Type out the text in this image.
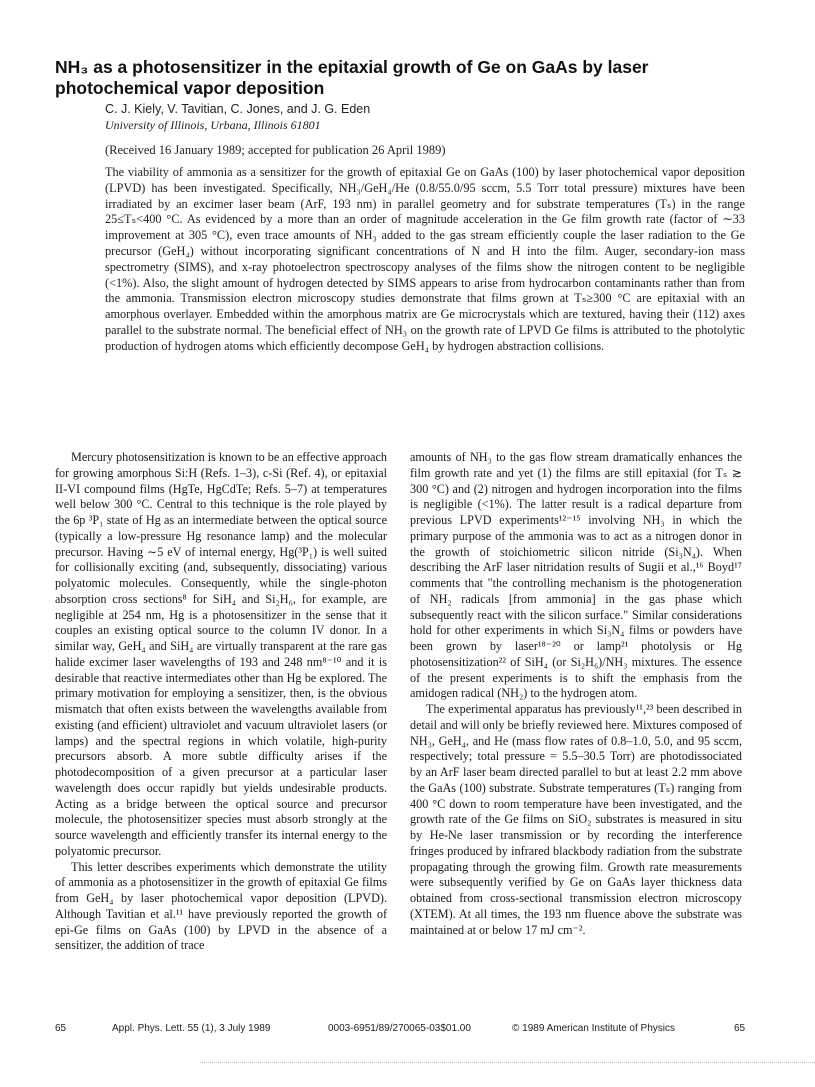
NH₃ as a photosensitizer in the epitaxial growth of Ge on GaAs by laser photochemical vapor deposition
C. J. Kiely, V. Tavitian, C. Jones, and J. G. Eden
University of Illinois, Urbana, Illinois 61801
(Received 16 January 1989; accepted for publication 26 April 1989)
The viability of ammonia as a sensitizer for the growth of epitaxial Ge on GaAs (100) by laser photochemical vapor deposition (LPVD) has been investigated. Specifically, NH₃/GeH₄/He (0.8/55.0/95 sccm, 5.5 Torr total pressure) mixtures have been irradiated by an excimer laser beam (ArF, 193 nm) in parallel geometry and for substrate temperatures (Tₛ) in the range 25≤Tₛ<400 °C. As evidenced by a more than an order of magnitude acceleration in the Ge film growth rate (factor of ∼33 improvement at 305 °C), even trace amounts of NH₃ added to the gas stream efficiently couple the laser radiation to the Ge precursor (GeH₄) without incorporating significant concentrations of N and H into the film. Auger, secondary-ion mass spectrometry (SIMS), and x-ray photoelectron spectroscopy analyses of the films show the nitrogen content to be negligible (<1%). Also, the slight amount of hydrogen detected by SIMS appears to arise from hydrocarbon contaminants rather than from the ammonia. Transmission electron microscopy studies demonstrate that films grown at Tₛ≥300 °C are epitaxial with an amorphous overlayer. Embedded within the amorphous matrix are Ge microcrystals which are textured, having their (112) axes parallel to the substrate normal. The beneficial effect of NH₃ on the growth rate of LPVD Ge films is attributed to the photolytic production of hydrogen atoms which efficiently decompose GeH₄ by hydrogen abstraction collisions.

Mercury photosensitization is known to be an effective approach for growing amorphous Si:H (Refs. 1–3), c-Si (Ref. 4), or epitaxial II-VI compound films (HgTe, HgCdTe; Refs. 5–7) at temperatures well below 300 °C. Central to this technique is the role played by the 6p ³P₁ state of Hg as an intermediate between the optical source (typically a low-pressure Hg resonance lamp) and the molecular precursor. Having ∼5 eV of internal energy, Hg(³P₁) is well suited for collisionally exciting (and, subsequently, dissociating) various polyatomic molecules. Consequently, while the single-photon absorption cross sections⁸ for SiH₄ and Si₂H₆, for example, are negligible at 254 nm, Hg is a photosensitizer in the sense that it couples an existing optical source to the column IV donor. In a similar way, GeH₄ and SiH₄ are virtually transparent at the rare gas halide excimer laser wavelengths of 193 and 248 nm⁸⁻¹⁰ and it is desirable that reactive intermediates other than Hg be explored. The primary motivation for employing a sensitizer, then, is the obvious mismatch that often exists between the wavelengths available from existing (and efficient) ultraviolet and vacuum ultraviolet lasers (or lamps) and the spectral regions in which volatile, high-purity precursors absorb. A more subtle difficulty arises if the photodecomposition of a given precursor at a particular laser wavelength does occur rapidly but yields undesirable products. Acting as a bridge between the optical source and precursor molecule, the photosensitizer species must absorb strongly at the source wavelength and efficiently transfer its internal energy to the polyatomic precursor.

This letter describes experiments which demonstrate the utility of ammonia as a photosensitizer in the growth of epitaxial Ge films from GeH₄ by laser photochemical vapor deposition (LPVD). Although Tavitian et al.¹¹ have previously reported the growth of epi-Ge films on GaAs (100) by LPVD in the absence of a sensitizer, the addition of trace

amounts of NH₃ to the gas flow stream dramatically enhances the film growth rate and yet (1) the films are still epitaxial (for Tₛ ≳ 300 °C) and (2) nitrogen and hydrogen incorporation into the films is negligible (<1%). The latter result is a radical departure from previous LPVD experiments¹²⁻¹⁵ involving NH₃ in which the primary purpose of the ammonia was to act as a nitrogen donor in the growth of stoichiometric silicon nitride (Si₃N₄). When describing the ArF laser nitridation results of Sugii et al.,¹⁶ Boyd¹⁷ comments that "the controlling mechanism is the photogeneration of NH₂ radicals [from ammonia] in the gas phase which subsequently react with the silicon surface." Similar considerations hold for other experiments in which Si₃N₄ films or powders have been grown by laser¹⁸⁻²⁰ or lamp²¹ photolysis or Hg photosensitization²² of SiH₄ (or Si₂H₆)/NH₃ mixtures. The essence of the present experiments is to shift the emphasis from the amidogen radical (NH₂) to the hydrogen atom.

The experimental apparatus has previously¹¹,²³ been described in detail and will only be briefly reviewed here. Mixtures composed of NH₃, GeH₄, and He (mass flow rates of 0.8–1.0, 5.0, and 95 sccm, respectively; total pressure = 5.5–30.5 Torr) are photodissociated by an ArF laser beam directed parallel to but at least 2.2 mm above the GaAs (100) substrate. Substrate temperatures (Tₛ) ranging from 400 °C down to room temperature have been investigated, and the growth rate of the Ge films on SiO₂ substrates is measured in situ by He-Ne laser transmission or by recording the interference fringes produced by infrared blackbody radiation from the substrate propagating through the growing film. Growth rate measurements were subsequently verified by Ge on GaAs layer thickness data obtained from cross-sectional transmission electron microscopy (XTEM). At all times, the 193 nm fluence above the substrate was maintained at or below 17 mJ cm⁻².

65	Appl. Phys. Lett. 55 (1), 3 July 1989	0003-6951/89/270065-03$01.00	© 1989 American Institute of Physics	65
